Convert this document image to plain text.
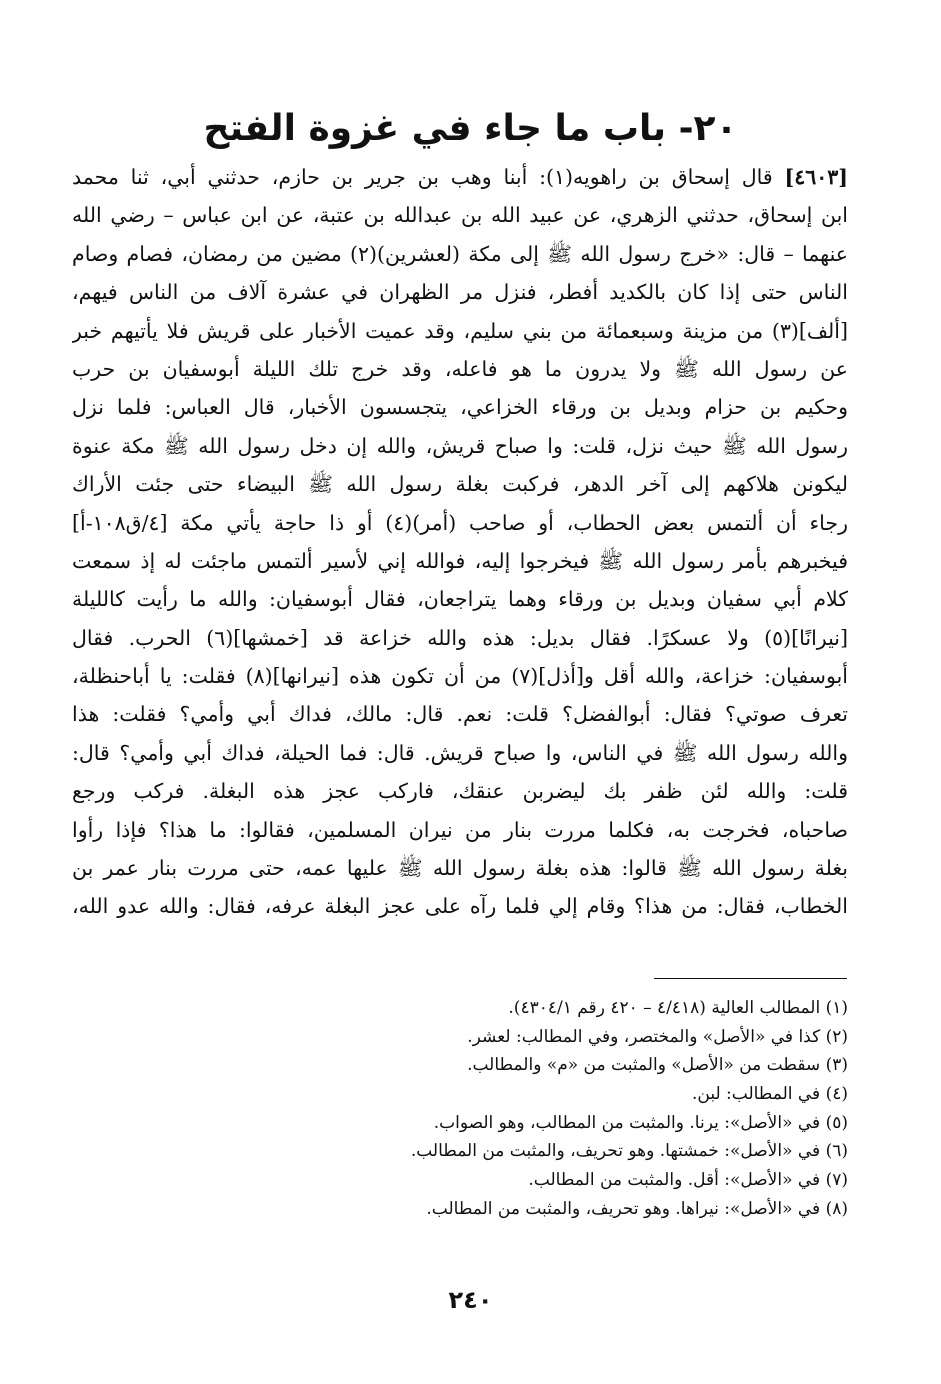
٢٠- باب ما جاء في غزوة الفتح
[٤٦٠٣] قال إسحاق بن راهويه(١): أبنا وهب بن جرير بن حازم، حدثني أبي، ثنا محمد
ابن إسحاق، حدثني الزهري، عن عبيد الله بن عبدالله بن عتبة، عن ابن عباس – رضي الله
عنهما – قال: «خرج رسول الله ﷺ إلى مكة (لعشرين)(٢) مضين من رمضان، فصام وصام
الناس حتى إذا كان بالكديد أفطر، فنزل مر الظهران في عشرة آلاف من الناس فيهم،
[ألف](٣) من مزينة وسبعمائة من بني سليم، وقد عميت الأخبار على قريش فلا يأتيهم خبر
عن رسول الله ﷺ ولا يدرون ما هو فاعله، وقد خرج تلك الليلة أبوسفيان بن حرب
وحكيم بن حزام وبديل بن ورقاء الخزاعي، يتجسسون الأخبار، قال العباس: فلما نزل
رسول الله ﷺ حيث نزل، قلت: وا صباح قريش، والله إن دخل رسول الله ﷺ مكة عنوة
ليكونن هلاكهم إلى آخر الدهر، فركبت بغلة رسول الله ﷺ البيضاء حتى جئت الأراك
رجاء أن ألتمس بعض الحطاب، أو صاحب (أمر)(٤) أو ذا حاجة يأتي مكة [٤/ق١٠٨-أ]
فيخبرهم بأمر رسول الله ﷺ فيخرجوا إليه، فوالله إني لأسير ألتمس ماجئت له إذ سمعت
كلام أبي سفيان وبديل بن ورقاء وهما يتراجعان، فقال أبوسفيان: والله ما رأيت كالليلة
[نيرانًا](٥) ولا عسكرًا. فقال بديل: هذه والله خزاعة قد [خمشها](٦) الحرب. فقال
أبوسفيان: خزاعة، والله أقل و[أذل](٧) من أن تكون هذه [نيرانها](٨) فقلت: يا أباحنظلة،
تعرف صوتي؟ فقال: أبوالفضل؟ قلت: نعم. قال: مالك، فداك أبي وأمي؟ فقلت: هذا
والله رسول الله ﷺ في الناس، وا صباح قريش. قال: فما الحيلة، فداك أبي وأمي؟ قال:
قلت: والله لئن ظفر بك ليضربن عنقك، فاركب عجز هذه البغلة. فركب ورجع
صاحباه، فخرجت به، فكلما مررت بنار من نيران المسلمين، فقالوا: ما هذا؟ فإذا رأوا
بغلة رسول الله ﷺ قالوا: هذه بغلة رسول الله ﷺ عليها عمه، حتى مررت بنار عمر بن
الخطاب، فقال: من هذا؟ وقام إلي فلما رآه على عجز البغلة عرفه، فقال: والله عدو الله،
(١) المطالب العالية (٤/٤١٨ – ٤٢٠ رقم ٤٣٠٤/١).
(٢) كذا في «الأصل» والمختصر، وفي المطالب: لعشر.
(٣) سقطت من «الأصل» والمثبت من «م» والمطالب.
(٤) في المطالب: لبن.
(٥) في «الأصل»: يرنا. والمثبت من المطالب، وهو الصواب.
(٦) في «الأصل»: خمشتها. وهو تحريف، والمثبت من المطالب.
(٧) في «الأصل»: أقل. والمثبت من المطالب.
(٨) في «الأصل»: نيراها. وهو تحريف، والمثبت من المطالب.
٢٤٠
